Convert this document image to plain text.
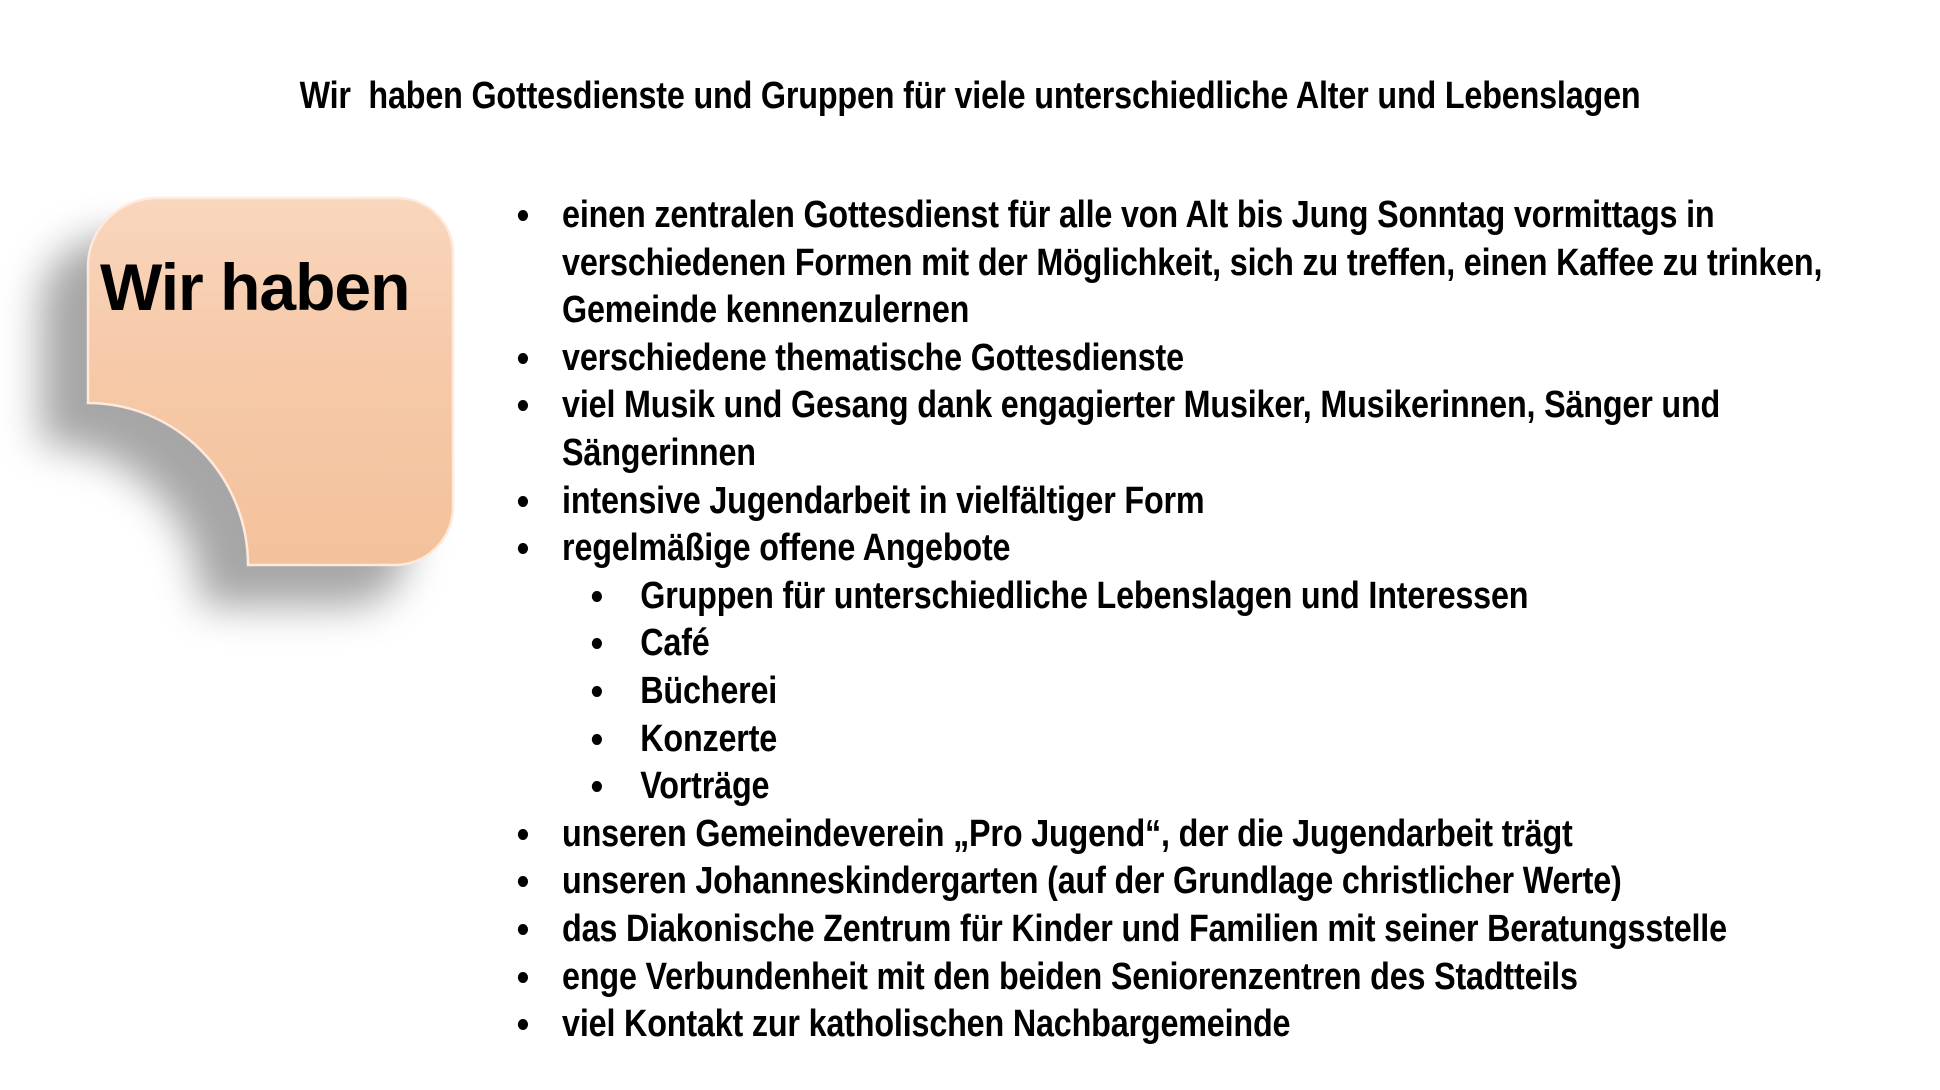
Wir  haben Gottesdienste und Gruppen für viele unterschiedliche Alter und Lebenslagen
Wir haben
einen zentralen Gottesdienst für alle von Alt bis Jung Sonntag vormittags in verschiedenen Formen mit der Möglichkeit, sich zu treffen, einen Kaffee zu trinken, Gemeinde kennenzulernen
verschiedene thematische Gottesdienste
viel Musik und Gesang dank engagierter Musiker, Musikerinnen, Sänger und Sängerinnen
intensive Jugendarbeit in vielfältiger Form
regelmäßige offene Angebote
Gruppen für unterschiedliche Lebenslagen und Interessen
Café
Bücherei
Konzerte
Vorträge
unseren Gemeindeverein „Pro Jugend“, der die Jugendarbeit trägt
unseren Johanneskindergarten (auf der Grundlage christlicher Werte)
das Diakonische Zentrum für Kinder und Familien mit seiner Beratungsstelle
enge Verbundenheit mit den beiden Seniorenzentren des Stadtteils
viel Kontakt zur katholischen Nachbargemeinde
